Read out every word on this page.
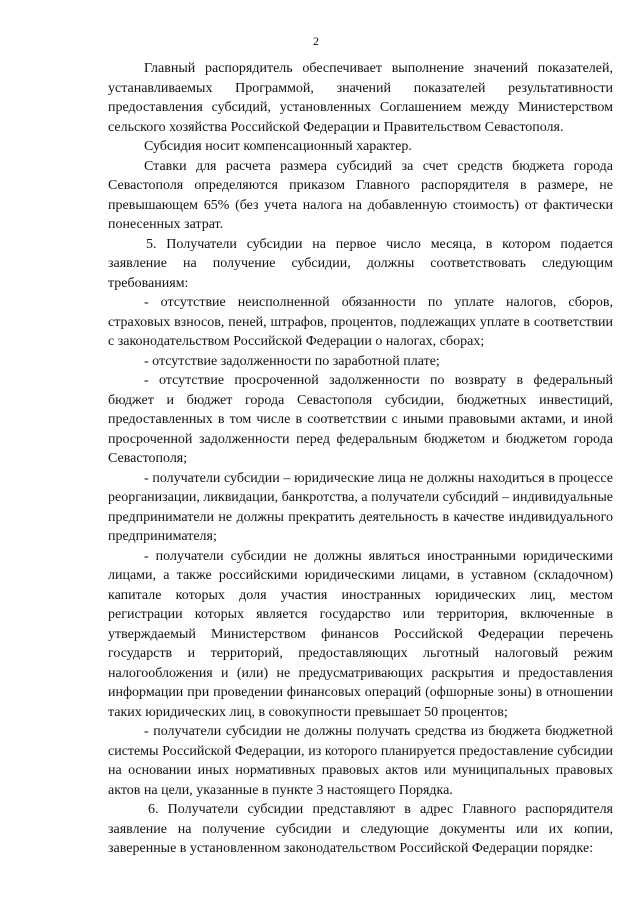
2

Главный распорядитель обеспечивает выполнение значений показателей, устанавливаемых Программой, значений показателей результативности предоставления субсидий, установленных Соглашением между Министерством сельского хозяйства Российской Федерации и Правительством Севастополя.

Субсидия носит компенсационный характер.

Ставки для расчета размера субсидий за счет средств бюджета города Севастополя определяются приказом Главного распорядителя в размере, не превышающем 65% (без учета налога на добавленную стоимость) от фактически понесенных затрат.

5. Получатели субсидии на первое число месяца, в котором подается заявление на получение субсидии, должны соответствовать следующим требованиям:

- отсутствие неисполненной обязанности по уплате налогов, сборов, страховых взносов, пеней, штрафов, процентов, подлежащих уплате в соответствии с законодательством Российской Федерации о налогах, сборах;

- отсутствие задолженности по заработной плате;

- отсутствие просроченной задолженности по возврату в федеральный бюджет и бюджет города Севастополя субсидии, бюджетных инвестиций, предоставленных в том числе в соответствии с иными правовыми актами, и иной просроченной задолженности перед федеральным бюджетом и бюджетом города Севастополя;

- получатели субсидии – юридические лица не должны находиться в процессе реорганизации, ликвидации, банкротства, а получатели субсидий – индивидуальные предприниматели не должны прекратить деятельность в качестве индивидуального предпринимателя;

- получатели субсидии не должны являться иностранными юридическими лицами, а также российскими юридическими лицами, в уставном (складочном) капитале которых доля участия иностранных юридических лиц, местом регистрации которых является государство или территория, включенные в утверждаемый Министерством финансов Российской Федерации перечень государств и территорий, предоставляющих льготный налоговый режим налогообложения и (или) не предусматривающих раскрытия и предоставления информации при проведении финансовых операций (офшорные зоны) в отношении таких юридических лиц, в совокупности превышает 50 процентов;

- получатели субсидии не должны получать средства из бюджета бюджетной системы Российской Федерации, из которого планируется предоставление субсидии на основании иных нормативных правовых актов или муниципальных правовых актов на цели, указанные в пункте 3 настоящего Порядка.

6. Получатели субсидии представляют в адрес Главного распорядителя заявление на получение субсидии и следующие документы или их копии, заверенные в установленном законодательством Российской Федерации порядке:
